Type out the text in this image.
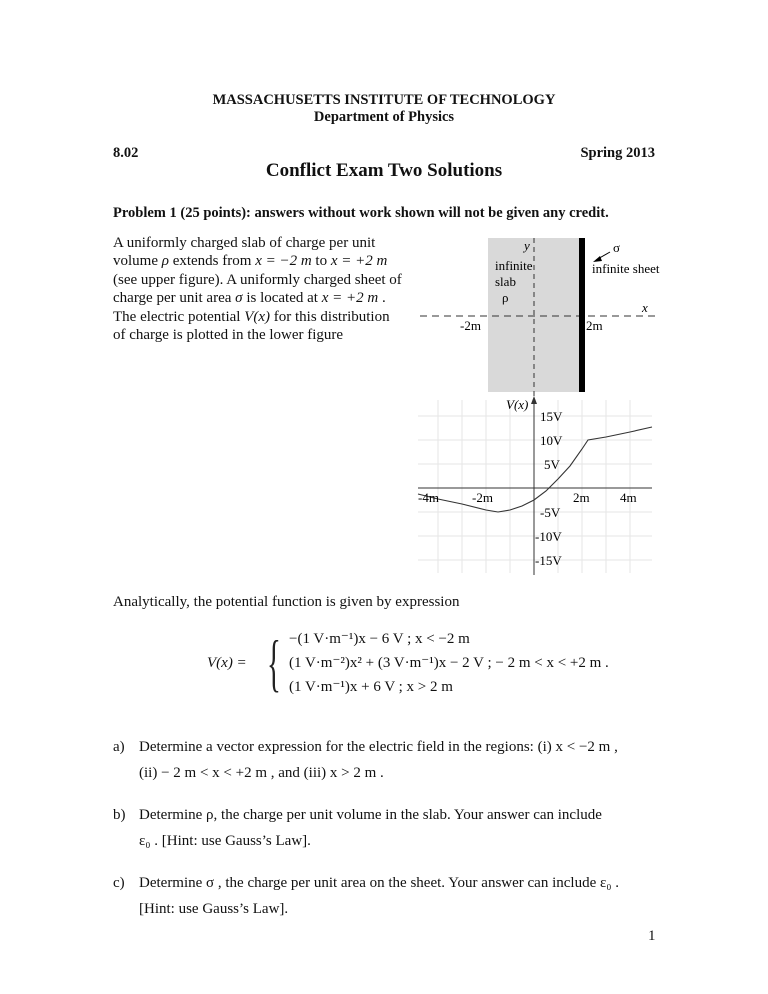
MASSACHUSETTS INSTITUTE OF TECHNOLOGY
Department of Physics
8.02	Spring 2013
Conflict Exam Two Solutions
Problem 1 (25 points): answers without work shown will not be given any credit.
A uniformly charged slab of charge per unit volume ρ extends from x = −2 m to x = +2 m (see upper figure). A uniformly charged sheet of charge per unit area σ is located at x = +2 m . The electric potential V(x) for this distribution of charge is plotted in the lower figure
y
x
infinite
slab
ρ
σ
infinite sheet
-2m	2m
V(x)
15V
10V
5V
-5V
-10V
-15V
-4m	-2m	2m 4m
Analytically, the potential function is given by expression
V(x) = { −(1 V·m⁻¹)x − 6 V ; x < −2 m
(1 V·m⁻²)x² + (3 V·m⁻¹)x − 2 V ; − 2 m < x < +2 m .
(1 V·m⁻¹)x + 6 V ; x > 2 m
a) Determine a vector expression for the electric field in the regions: (i) x < −2 m ,
(ii) − 2 m < x < +2 m , and (iii) x > 2 m .
b) Determine ρ, the charge per unit volume in the slab. Your answer can include
ε₀ . [Hint: use Gauss’s Law].
c) Determine σ , the charge per unit area on the sheet. Your answer can include ε₀ .
[Hint: use Gauss’s Law].
1
